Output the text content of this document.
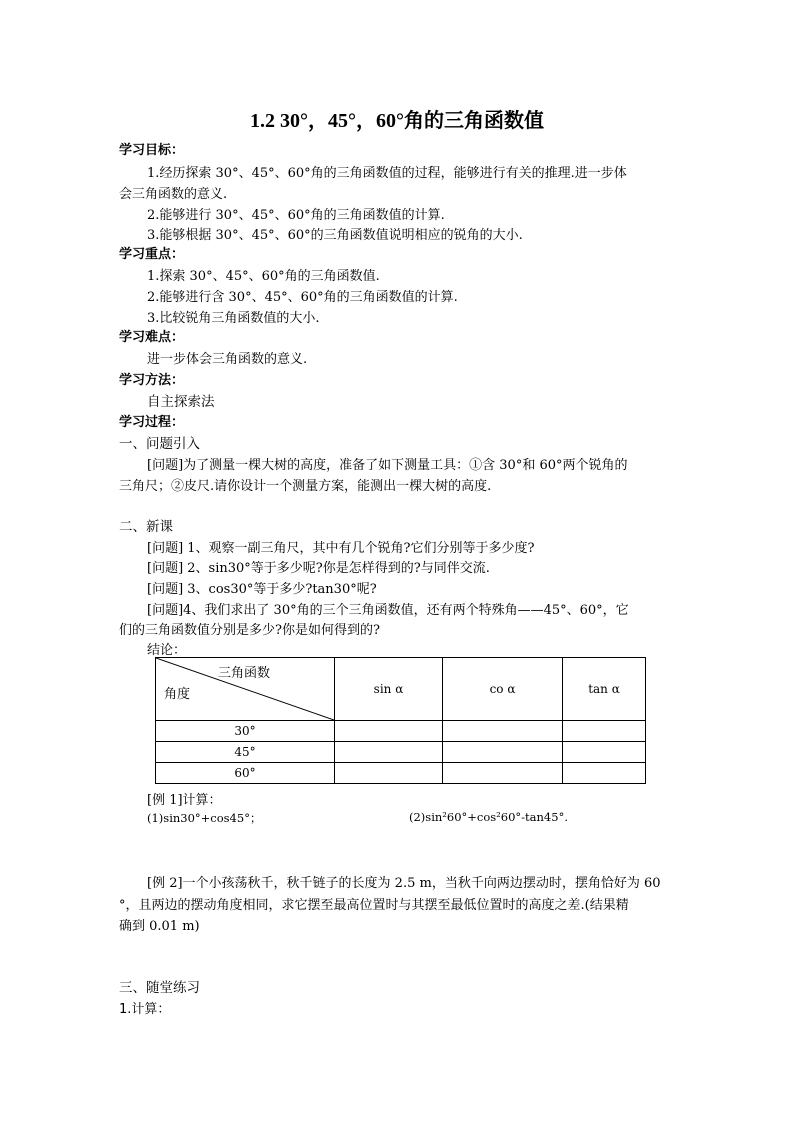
1.2 30°，45°，60°角的三角函数值
学习目标：
1.经历探索 30°、45°、60°角的三角函数值的过程，能够进行有关的推理.进一步体
会三角函数的意义.
2.能够进行 30°、45°、60°角的三角函数值的计算.
3.能够根据 30°、45°、60°的三角函数值说明相应的锐角的大小.
学习重点：
1.探索 30°、45°、60°角的三角函数值.
2.能够进行含 30°、45°、60°角的三角函数值的计算.
3.比较锐角三角函数值的大小.
学习难点：
进一步体会三角函数的意义.
学习方法：
自主探索法
学习过程：
一、问题引入
[问题]为了测量一棵大树的高度，准备了如下测量工具：①含 30°和 60°两个锐角的
三角尺；②皮尺.请你设计一个测量方案，能测出一棵大树的高度.
二、新课
[问题] 1、观察一副三角尺，其中有几个锐角?它们分别等于多少度?
[问题] 2、sin30°等于多少呢?你是怎样得到的?与同伴交流.
[问题] 3、cos30°等于多少?tan30°呢?
[问题]4、我们求出了 30°角的三个三角函数值，还有两个特殊角——45°、60°，它
们的三角函数值分别是多少?你是如何得到的?
结论：
三角函数
角度	sin α	co α	tan α
30°			
45°			
60°			
[例 1]计算：
(1)sin30°+cos45°；	(2)sin²60°+cos²60°-tan45°.
[例 2]一个小孩荡秋千，秋千链子的长度为 2.5 m，当秋千向两边摆动时，摆角恰好为 60
°，且两边的摆动角度相同，求它摆至最高位置时与其摆至最低位置时的高度之差.(结果精
确到 0.01 m)
三、随堂练习
1.计算：
